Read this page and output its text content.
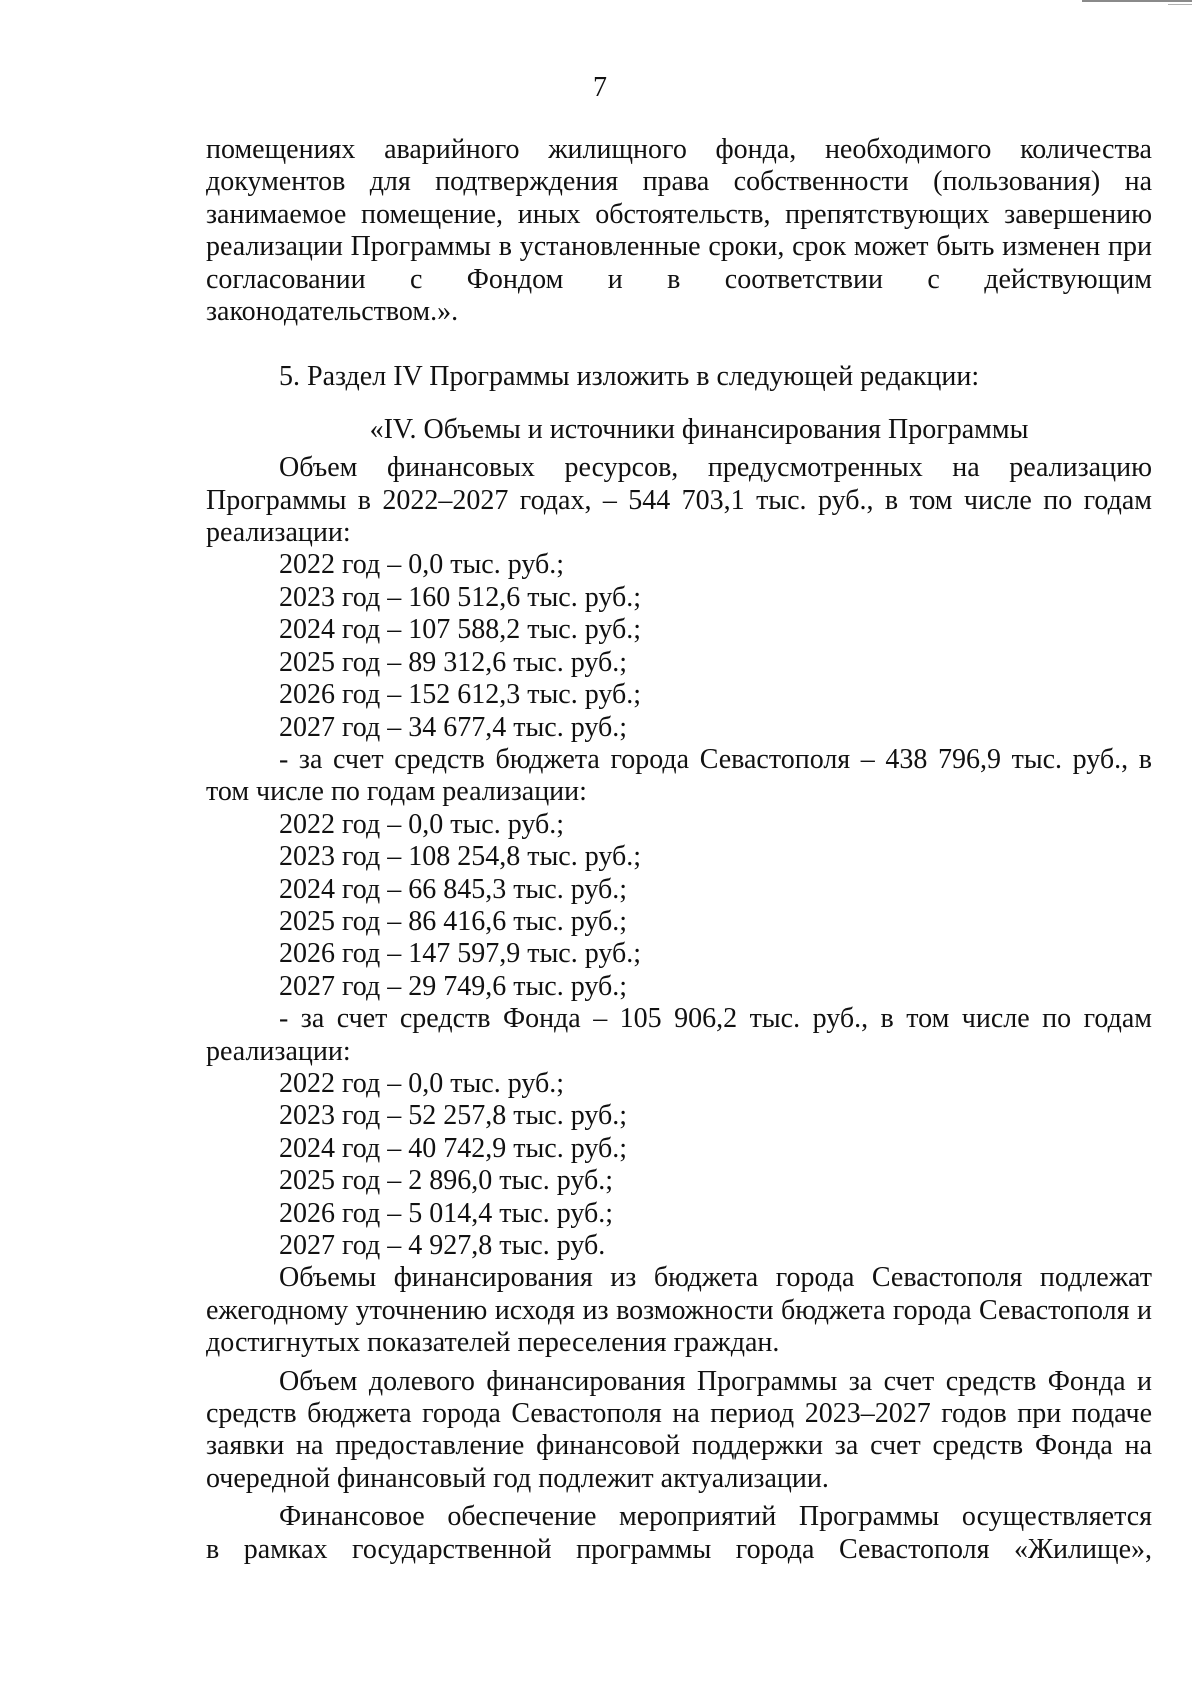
7

помещениях аварийного жилищного фонда, необходимого количества

документов для подтверждения права собственности (пользования) на

занимаемое помещение, иных обстоятельств, препятствующих завершению

реализации Программы в установленные сроки, срок может быть изменен при

согласовании с Фондом и в соответствии с действующим

законодательством.».

5. Раздел IV Программы изложить в следующей редакции:

«IV. Объемы и источники финансирования Программы

Объем финансовых ресурсов, предусмотренных на реализацию Программы в 2022–2027 годах, – 544 703,1 тыс. руб., в том числе по годам реализации:

2022 год – 0,0 тыс. руб.;
2023 год – 160 512,6 тыс. руб.;
2024 год – 107 588,2 тыс. руб.;
2025 год – 89 312,6 тыс. руб.;
2026 год – 152 612,3 тыс. руб.;
2027 год – 34 677,4 тыс. руб.;

- за счет средств бюджета города Севастополя – 438 796,9 тыс. руб., в том числе по годам реализации:

2022 год – 0,0 тыс. руб.;
2023 год – 108 254,8 тыс. руб.;
2024 год – 66 845,3 тыс. руб.;
2025 год – 86 416,6 тыс. руб.;
2026 год – 147 597,9 тыс. руб.;
2027 год – 29 749,6 тыс. руб.;

- за счет средств Фонда – 105 906,2 тыс. руб., в том числе по годам реализации:

2022 год – 0,0 тыс. руб.;
2023 год – 52 257,8 тыс. руб.;
2024 год – 40 742,9 тыс. руб.;
2025 год – 2 896,0 тыс. руб.;
2026 год – 5 014,4 тыс. руб.;
2027 год – 4 927,8 тыс. руб.

Объемы финансирования из бюджета города Севастополя подлежат ежегодному уточнению исходя из возможности бюджета города Севастополя и достигнутых показателей переселения граждан.

Объем долевого финансирования Программы за счет средств Фонда и средств бюджета города Севастополя на период 2023–2027 годов при подаче заявки на предоставление финансовой поддержки за счет средств Фонда на очередной финансовый год подлежит актуализации.

Финансовое обеспечение мероприятий Программы осуществляется

в рамках государственной программы города Севастополя «Жилище»,
